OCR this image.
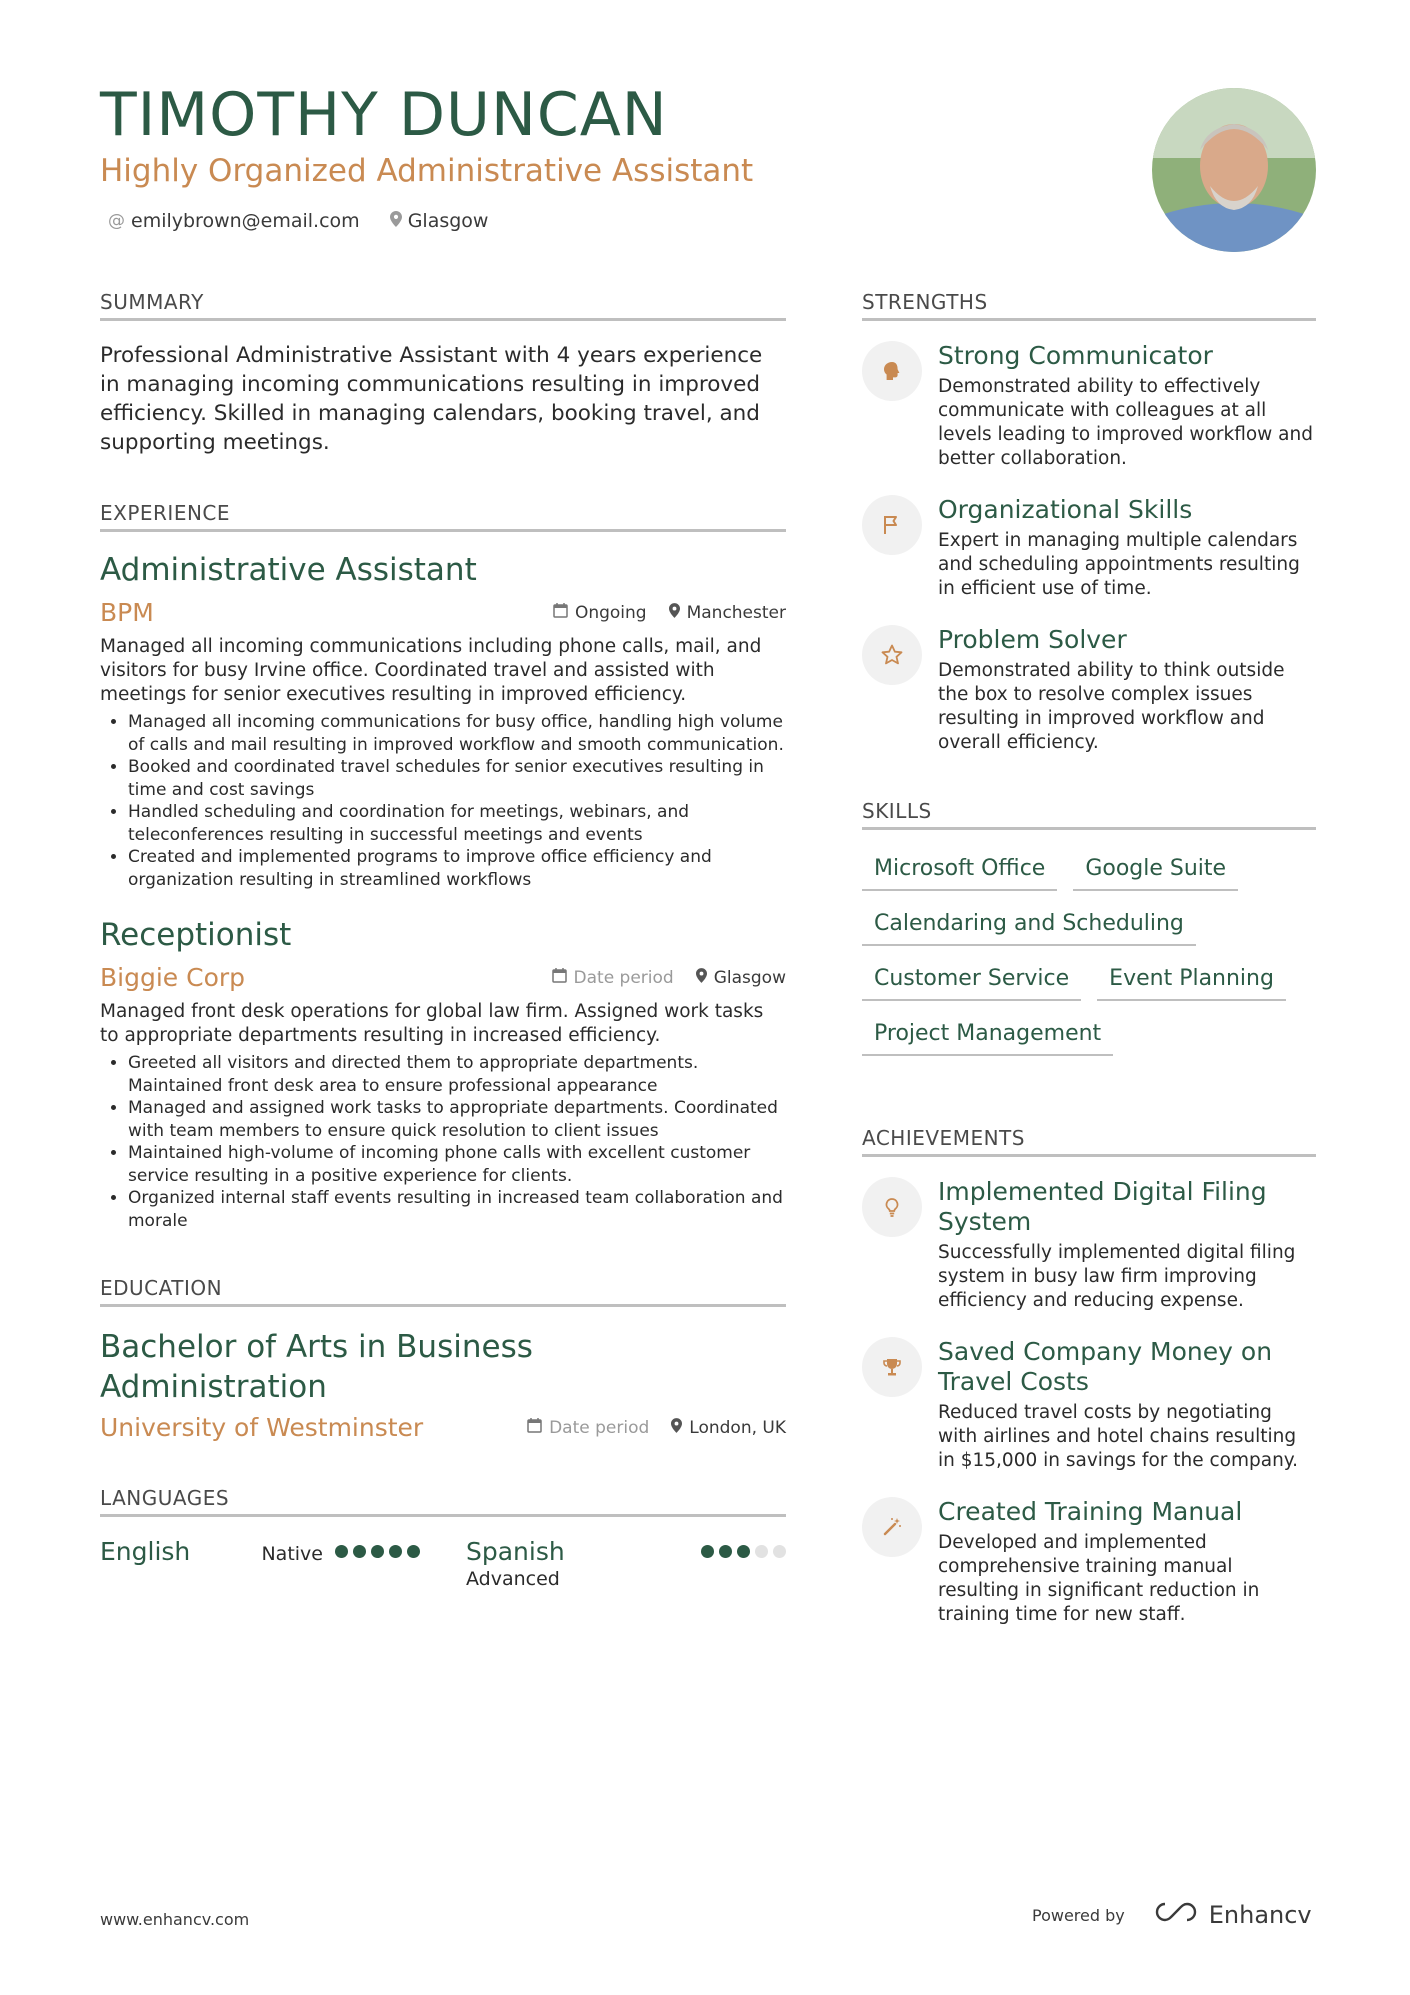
TIMOTHY DUNCAN
Highly Organized Administrative Assistant
@ emilybrown@email.com	Glasgow
SUMMARY
Professional Administrative Assistant with 4 years experience in managing incoming communications resulting in improved efficiency. Skilled in managing calendars, booking travel, and supporting meetings.
EXPERIENCE
Administrative Assistant
BPM	Ongoing Manchester
Managed all incoming communications including phone calls, mail, and visitors for busy Irvine office. Coordinated travel and assisted with meetings for senior executives resulting in improved efficiency.
• Managed all incoming communications for busy office, handling high volume of calls and mail resulting in improved workflow and smooth communication.
• Booked and coordinated travel schedules for senior executives resulting in time and cost savings
• Handled scheduling and coordination for meetings, webinars, and teleconferences resulting in successful meetings and events
• Created and implemented programs to improve office efficiency and organization resulting in streamlined workflows
Receptionist
Biggie Corp	Date period Glasgow
Managed front desk operations for global law firm. Assigned work tasks to appropriate departments resulting in increased efficiency.
• Greeted all visitors and directed them to appropriate departments. Maintained front desk area to ensure professional appearance
• Managed and assigned work tasks to appropriate departments. Coordinated with team members to ensure quick resolution to client issues
• Maintained high-volume of incoming phone calls with excellent customer service resulting in a positive experience for clients.
• Organized internal staff events resulting in increased team collaboration and morale
EDUCATION
Bachelor of Arts in Business Administration
University of Westminster	Date period London, UK
LANGUAGES
English	Native	Spanish
Advanced
STRENGTHS
Strong Communicator
Demonstrated ability to effectively communicate with colleagues at all levels leading to improved workflow and better collaboration.
Organizational Skills
Expert in managing multiple calendars and scheduling appointments resulting in efficient use of time.
Problem Solver
Demonstrated ability to think outside the box to resolve complex issues resulting in improved workflow and overall efficiency.
SKILLS
Microsoft Office	Google Suite
Calendaring and Scheduling
Customer Service	Event Planning
Project Management
ACHIEVEMENTS
Implemented Digital Filing System
Successfully implemented digital filing system in busy law firm improving efficiency and reducing expense.
Saved Company Money on Travel Costs
Reduced travel costs by negotiating with airlines and hotel chains resulting in $15,000 in savings for the company.
Created Training Manual
Developed and implemented comprehensive training manual resulting in significant reduction in training time for new staff.
www.enhancv.com	Powered by	Enhancv
